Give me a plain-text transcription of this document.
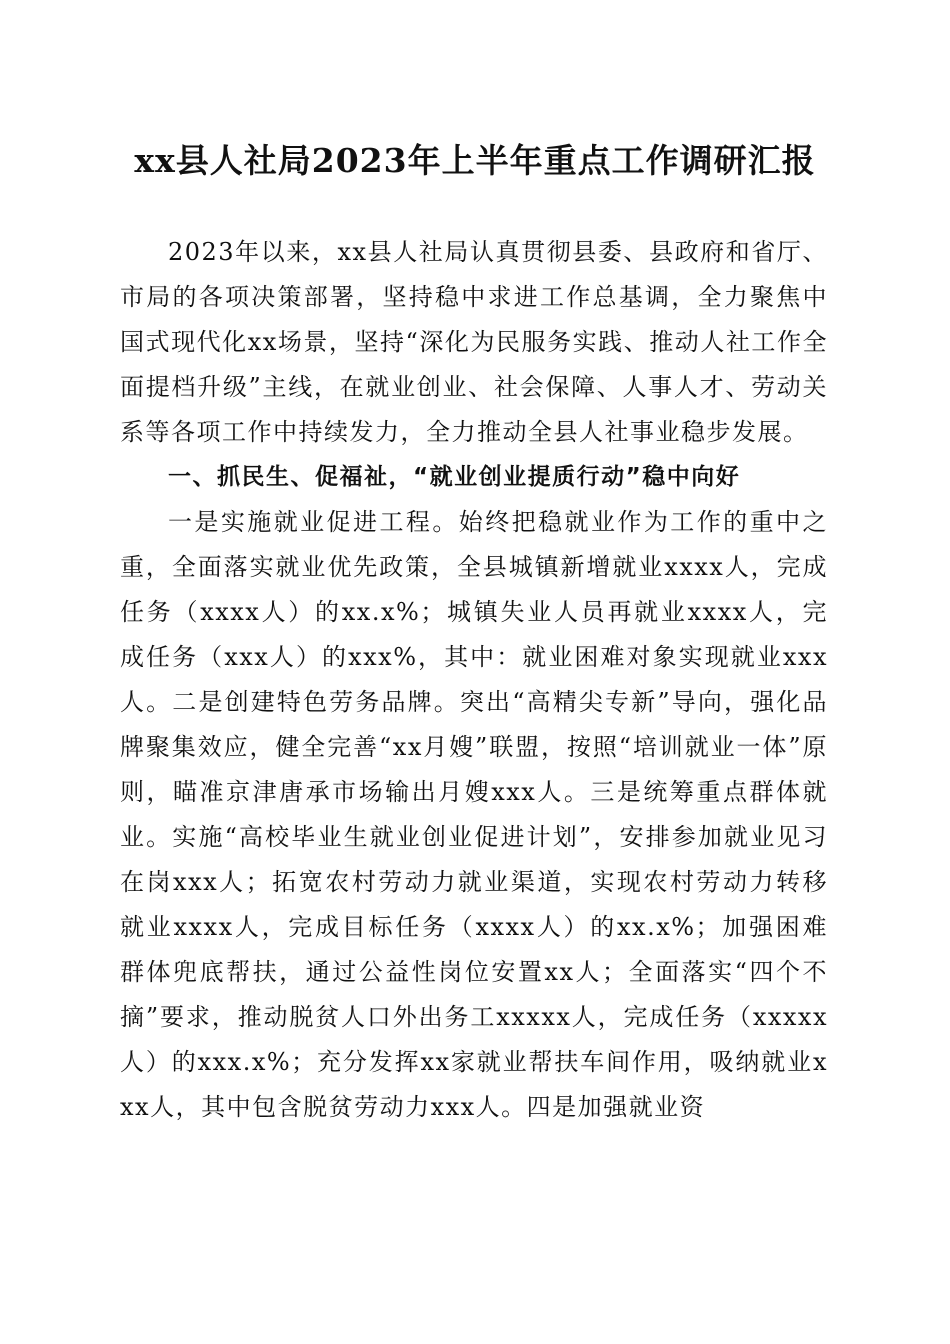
xx县人社局2023年上半年重点工作调研汇报

2023年以来，xx县人社局认真贯彻县委、县政府和省厅、市局的各项决策部署，坚持稳中求进工作总基调，全力聚焦中国式现代化xx场景，坚持“深化为民服务实践、推动人社工作全面提档升级”主线，在就业创业、社会保障、人事人才、劳动关系等各项工作中持续发力，全力推动全县人社事业稳步发展。

一、抓民生、促福祉，“就业创业提质行动”稳中向好

一是实施就业促进工程。始终把稳就业作为工作的重中之重，全面落实就业优先政策，全县城镇新增就业xxxx人，完成任务（xxxx人）的xx.x%；城镇失业人员再就业xxxx人，完成任务（xxx人）的xxx%，其中：就业困难对象实现就业xxx人。二是创建特色劳务品牌。突出“高精尖专新”导向，强化品牌聚集效应，健全完善“xx月嫂”联盟，按照“培训就业一体”原则，瞄准京津唐承市场输出月嫂xxx人。三是统筹重点群体就业。实施“高校毕业生就业创业促进计划”，安排参加就业见习在岗xxx人；拓宽农村劳动力就业渠道，实现农村劳动力转移就业xxxx人，完成目标任务（xxxx人）的xx.x%；加强困难群体兜底帮扶，通过公益性岗位安置xx人；全面落实“四个不摘”要求，推动脱贫人口外出务工xxxxx人，完成任务（xxxxx人）的xxx.x%；充分发挥xx家就业帮扶车间作用，吸纳就业xxx人，其中包含脱贫劳动力xxx人。四是加强就业资
